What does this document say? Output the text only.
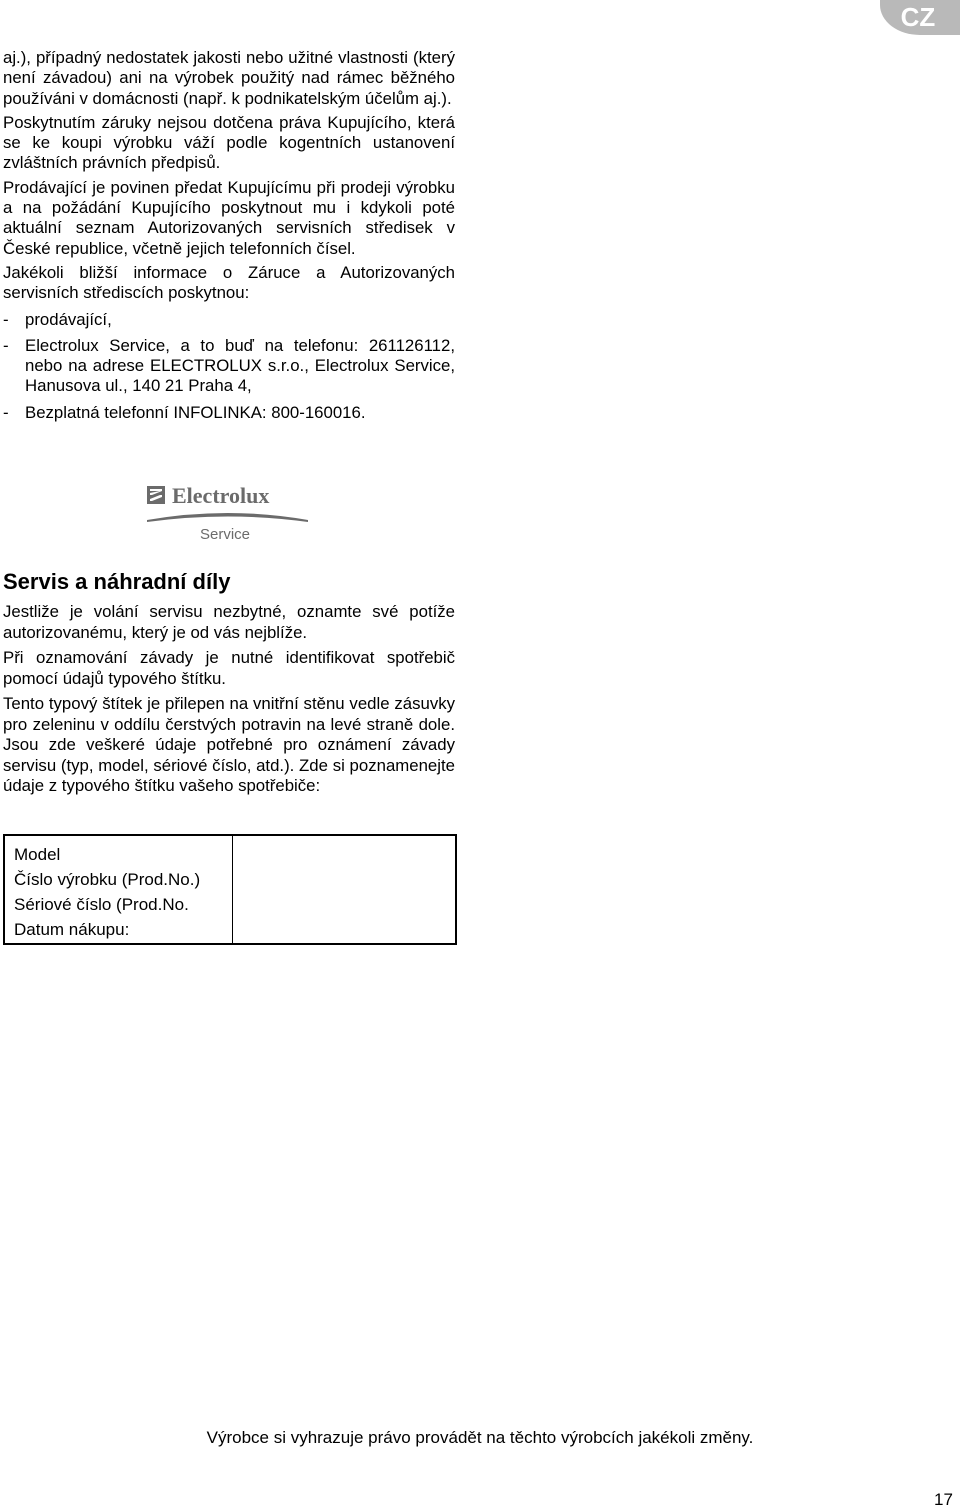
CZ

aj.), případný nedostatek jakosti nebo užitné vlastnosti (který není závadou) ani na výrobek použitý nad rámec běžného používáni v domácnosti (např. k podnikatelským účelům aj.).

Poskytnutím záruky nejsou dotčena práva Kupujícího, která se ke koupi výrobku váží podle kogentních ustanovení zvláštních právních předpisů.

Prodávající je povinen předat Kupujícímu při prodeji výrobku a na požádání Kupujícího poskytnout mu i kdykoli poté aktuální seznam Autorizovaných servisních středisek v České republice, včetně jejich telefonních čísel.

Jakékoli bližší informace o Záruce a Autorizovaných servisních střediscích poskytnou:

- prodávající,
- Electrolux Service, a to buď na telefonu: 261126112, nebo na adrese ELECTROLUX s.r.o., Electrolux Service, Hanusova ul., 140 21 Praha 4,
- Bezplatná telefonní INFOLINKA: 800-160016.
Electrolux
Service
Servis a náhradní díly

Jestliže je volání servisu nezbytné, oznamte své potíže autorizovanému, který je od vás nejblíže.

Při oznamování závady je nutné identifikovat spotřebič pomocí údajů typového štítku.

Tento typový štítek je přilepen na vnitřní stěnu vedle zásuvky pro zeleninu v oddílu čerstvých potravin na levé straně dole. Jsou zde veškeré údaje potřebné pro oznámení závady servisu (typ, model, sériové číslo, atd.). Zde si poznamenejte údaje z typového štítku vašeho spotřebiče:

Model	
Číslo výrobku (Prod.No.)
Sériové číslo (Prod.No.
Datum nákupu:
Výrobce si vyhrazuje právo provádět na těchto výrobcích jakékoli změny.
17
